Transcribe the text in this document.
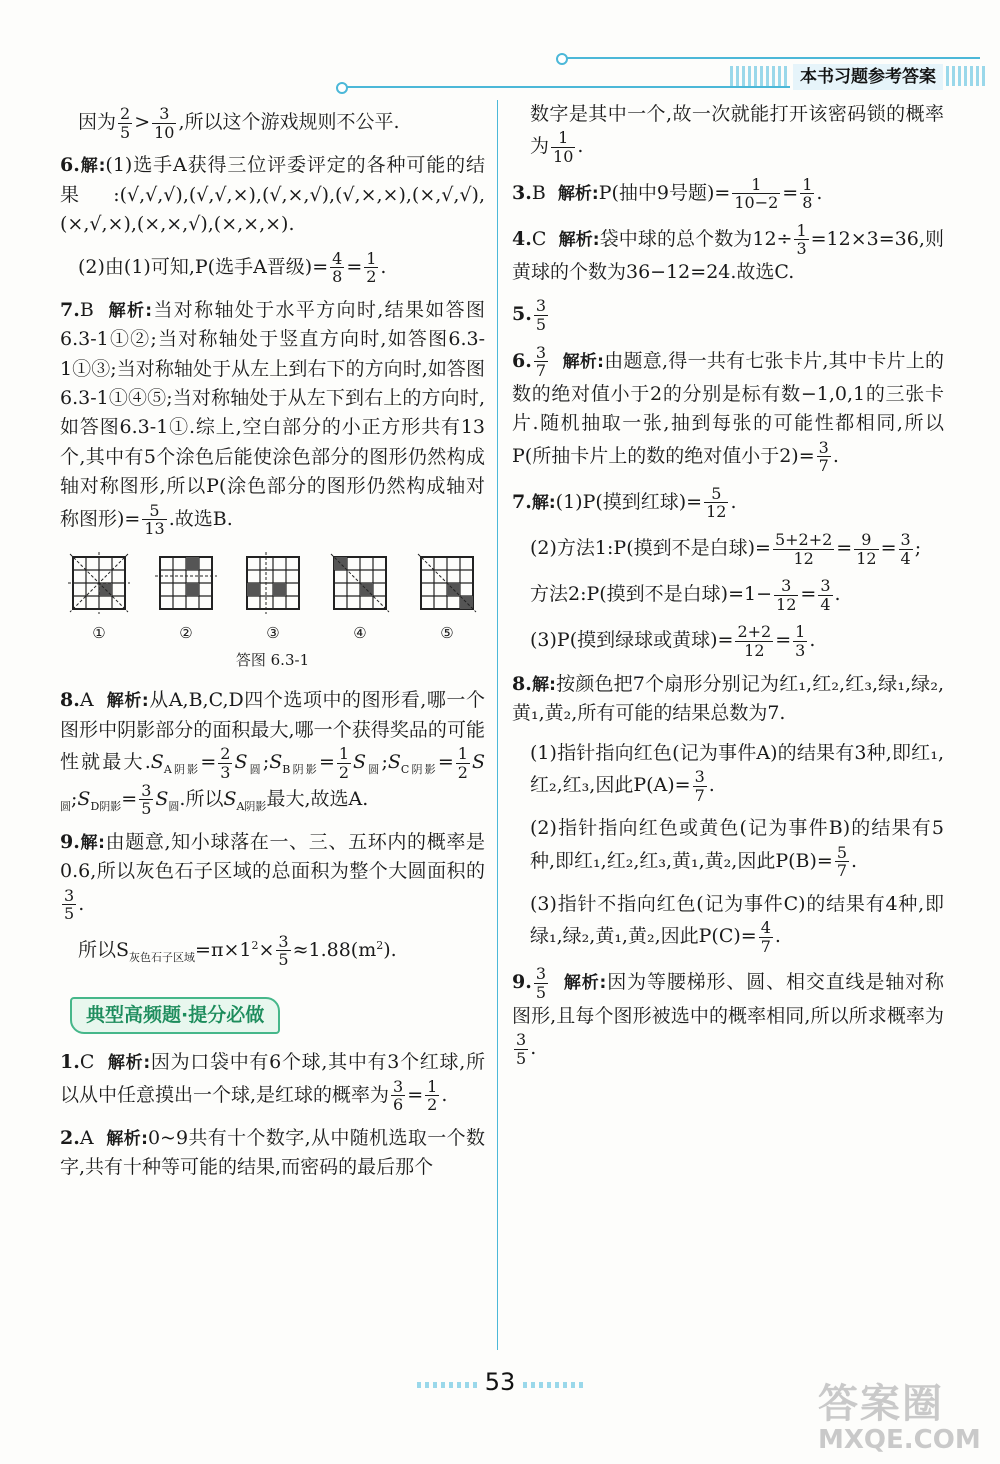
本书习题参考答案

因为 $\frac{2}{5} > \frac{3}{10}$ ,所以这个游戏规则不公平.

6.解:(1)选手A获得三位评委评定的各种可能的结果:(√,√,√),(√,√,×),(√,×,√),(√,×,×),(×,√,√),(×,√,×),(×,×,√),(×,×,×).

(2)由(1)可知,P(选手A晋级)= $\frac{4}{8} = \frac{1}{2}$ .

7.B 解析:当对称轴处于水平方向时,结果如答图6.3-1①②;当对称轴处于竖直方向时,如答图6.3-1①③;当对称轴处于从左上到右下的方向时,如答图6.3-1①④⑤;当对称轴处于从左下到右上的方向时,如答图6.3-1①.综上,空白部分的小正方形共有13个,其中有5个涂色后能使涂色部分的图形仍然构成轴对称图形,所以P(涂色部分的图形仍然构成轴对称图形)= $\frac{5}{13}$ .故选B.

①	②	③	④	⑤
答图 6.3-1

8.A 解析:从A,B,C,D四个选项中的图形看,哪一个图形中阴影部分的面积最大,哪一个获得奖品的可能性就最大$.S_{A阴影}= \frac{2}{3}$ $S_圆;S_{B阴影}= \frac{1}{2}$ $S_圆;S_{C阴影}= \frac{1}{2}$ $S_圆;S_{D阴影}= \frac{3}{5} S_圆$.所以$S_{A阴影}$最大,故选A.

9.解:由题意,知小球落在一、三、五环内的概率是0.6,所以灰色石子区域的总面积为整个大圆面积的
$\frac{3}{5}$ .

所以$S_{灰色石子区域}=\pi\times 1^2\times \frac{3}{5} \approx 1.88(m^2)$.

典型高频题·提分必做

1.C 解析:因为口袋中有6个球,其中有3个红球,所以从中任意摸出一个球,是红球的概率为 $\frac{3}{6} = \frac{1}{2}$ .

2.A 解析:0~9共有十个数字,从中随机选取一个数字,共有十种等可能的结果,而密码的最后那个

数字是其中一个,故一次就能打开该密码锁的概率为 $\frac{1}{10}$ .

3.B 解析:P(抽中9号题)= $\frac{1}{10-2} = \frac{1}{8}$ .

4.C 解析:袋中球的总个数为$12\div \frac{1}{3} =12\times 3=36$,则黄球的个数为36−12=24.故选C.

5. $\frac{3}{5}$

6. $\frac{3}{7}$ 解析:由题意,得一共有七张卡片,其中卡片上的数的绝对值小于2的分别是标有数−1,0,1的三张卡片.随机抽取一张,抽到每张的可能性都相同,所以P(所抽卡片上的数的绝对值小于$2)= \frac{3}{7}$ .

7.解:(1)P(摸到红球)= $\frac{5}{12}$ .

(2)方法1:P(摸到不是白球)= $\frac{5+2+2}{12} = \frac{9}{12} = \frac{3}{4}$ ;

方法2:P(摸到不是白球)$=1- \frac{3}{12} = \frac{3}{4}$ .

(3)P(摸到绿球或黄球)= $\frac{2+2}{12} = \frac{1}{3}$ .

8.解:按颜色把7个扇形分别记为红₁,红₂,红₃,绿₁,绿₂,黄₁,黄₂,所有可能的结果总数为7.

(1)指针指向红色(记为事件A)的结果有3种,即红₁,红₂,红₃,因此$P(A)= \frac{3}{7}$ .

(2)指针指向红色或黄色(记为事件B)的结果有5种,即红₁,红₂,红₃,黄₁,黄₂,因此$P(B)= \frac{5}{7}$ .

(3)指针不指向红色(记为事件C)的结果有4种,即绿₁,绿₂,黄₁,黄₂,因此$P(C)= \frac{4}{7}$ .

9. $\frac{3}{5}$ 解析:因为等腰梯形、圆、相交直线是轴对称图形,且每个图形被选中的概率相同,所以所求概率为
$\frac{3}{5}$ .

53	答案圈
MXQE.COM
